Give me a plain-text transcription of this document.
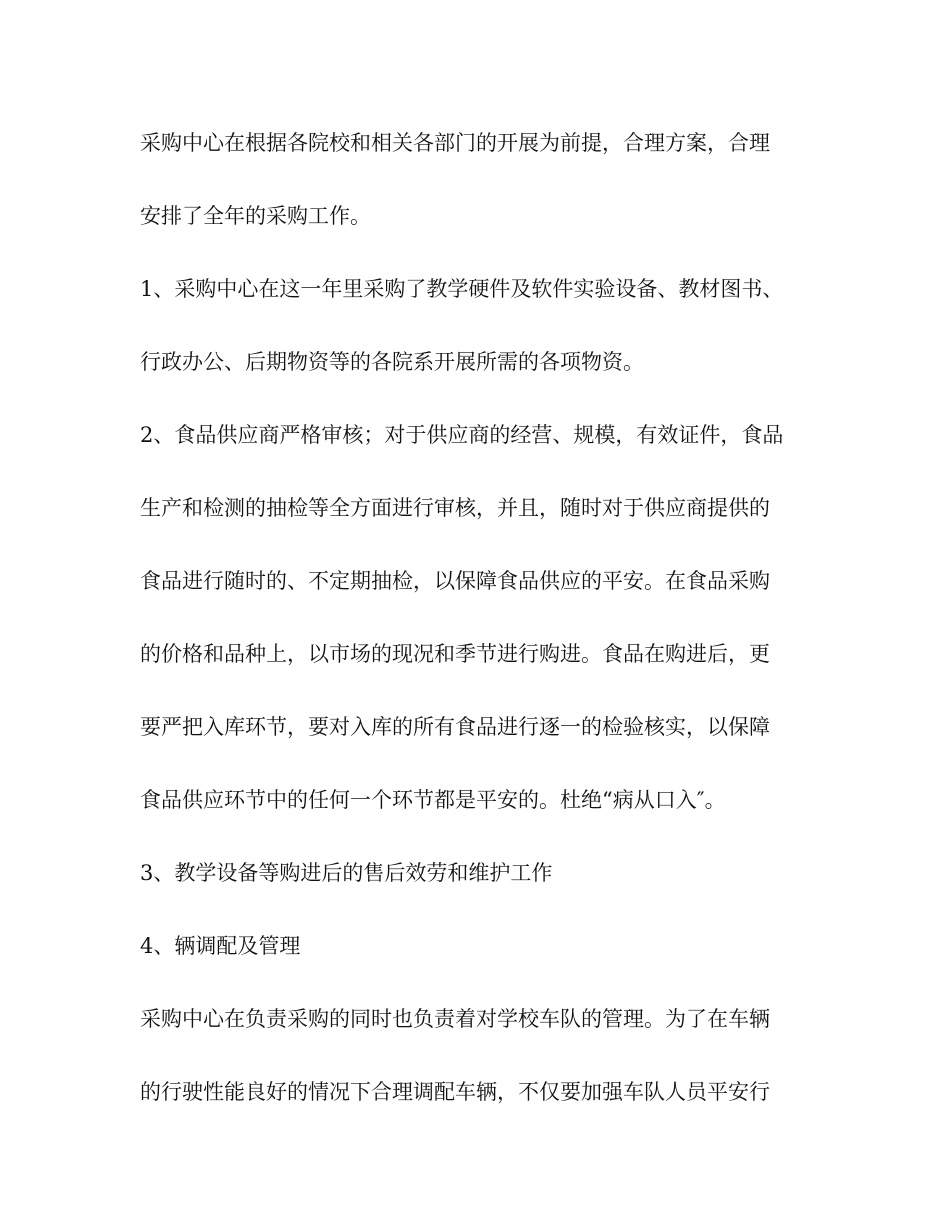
采购中心在根据各院校和相关各部门的开展为前提，合理方案，合理

安排了全年的采购工作。

1、采购中心在这一年里采购了教学硬件及软件实验设备、教材图书、

行政办公、后期物资等的各院系开展所需的各项物资。

2、食品供应商严格审核；对于供应商的经营、规模，有效证件，食品

生产和检测的抽检等全方面进行审核，并且，随时对于供应商提供的

食品进行随时的、不定期抽检，以保障食品供应的平安。在食品采购

的价格和品种上，以市场的现况和季节进行购进。食品在购进后，更

要严把入库环节，要对入库的所有食品进行逐一的检验核实，以保障

食品供应环节中的任何一个环节都是平安的。杜绝“病从口入″。

3、教学设备等购进后的售后效劳和维护工作

4、辆调配及管理

采购中心在负责采购的同时也负责着对学校车队的管理。为了在车辆

的行驶性能良好的情况下合理调配车辆，不仅要加强车队人员平安行
